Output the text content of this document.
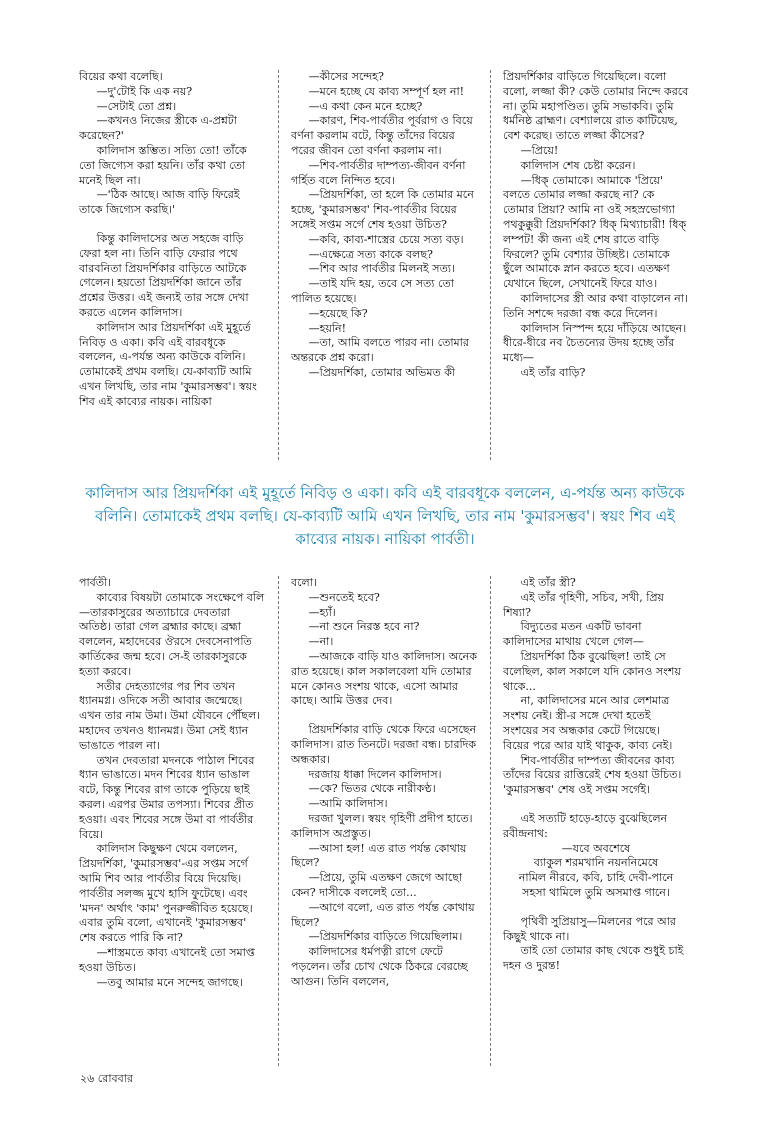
বিয়ের কথা বলেছি।

—দু'টোই কি এক নয়?

—সেটাই তো প্রশ্ন।

—কখনও নিজের স্ত্রীকে এ-প্রশ্নটা করেছেন?'

কালিদাস স্তম্ভিত। সত্যি তো! তাঁকে তো জিগ্যেস করা হয়নি। তাঁর কথা তো মনেই ছিল না।

—'ঠিক আছে। আজ বাড়ি ফিরেই তাকে জিগ্যেস করছি।'

কিন্তু কালিদাসের অত সহজে বাড়ি ফেরা হল না। তিনি বাড়ি ফেরার পথে বারবনিতা প্রিয়দর্শিকার বাড়িতে আটকে গেলেন। হয়তো প্রিয়দর্শিকা জানে তাঁর প্রশ্নের উত্তর। এই জন্যই তার সঙ্গে দেখা করতে এলেন কালিদাস।

কালিদাস আর প্রিয়দর্শিকা এই মুহূর্তে নিবিড় ও একা। কবি এই বারবধূকে বললেন, এ-পর্যন্ত অন্য কাউকে বলিনি। তোমাকেই প্রথম বলছি। যে-কাব্যটি আমি এখন লিখছি, তার নাম 'কুমারসম্ভব'। স্বয়ং শিব এই কাব্যের নায়ক। নায়িকা

—কীসের সন্দেহ?

—মনে হচ্ছে যে কাব্য সম্পূর্ণ হল না!

—এ কথা কেন মনে হচ্ছে?

—কারণ, শিব-পার্বতীর পূর্বরাগ ও বিয়ে বর্ণনা করলাম বটে, কিন্তু তাঁদের বিয়ের পরের জীবন তো বর্ণনা করলাম না।

—শিব-পার্বতীর দাম্পত্য-জীবন বর্ণনা গর্হিত বলে নিন্দিত হবে।

—প্রিয়দর্শিকা, তা হলে কি তোমার মনে হচ্ছে, 'কুমারসম্ভব' শিব-পার্বতীর বিয়ের সঙ্গেই সপ্তম সর্গে শেষ হওয়া উচিত?

—কবি, কাব্য-শাস্ত্রের চেয়ে সত্য বড়।

—এক্ষেত্রে সত্য কাকে বলছ?

—শিব আর পার্বতীর মিলনই সত্য।

—তাই যদি হয়, তবে সে সত্য তো পালিত হয়েছে।

—হয়েছে কি?

—হয়নি!

—তা, আমি বলতে পারব না। তোমার অন্তরকে প্রশ্ন করো।

—প্রিয়দর্শিকা, তোমার অভিমত কী

প্রিয়দর্শিকার বাড়িতে গিয়েছিলে। বলো বলো, লজ্জা কী? কেউ তোমার নিন্দে করবে না। তুমি মহাপণ্ডিত। তুমি সভাকবি। তুমি ধর্মনিষ্ঠ ব্রাহ্মণ। বেশ্যালয়ে রাত কাটিয়েছ, বেশ করেছ। তাতে লজ্জা কীসের?

—প্রিয়ে!

কালিদাস শেষ চেষ্টা করেন।

—ধিক্‌ তোমাকে। আমাকে 'প্রিয়ে' বলতে তোমার লজ্জা করছে না? কে তোমার প্রিয়া? আমি না ওই সহস্রভোগ্যা পথকুক্কুরী প্রিয়দর্শিকা? ধিক্‌ মিথ্যাচারী! ধিক্‌ লম্পট! কী জন্য এই শেষ রাতে বাড়ি ফিরলে? তুমি বেশ্যার উচ্ছিষ্ট। তোমাকে ছুঁলে আমাকে স্নান করতে হবে। এতক্ষণ যেখানে ছিলে, সেখানেই ফিরে যাও।

কালিদাসের স্ত্রী আর কথা বাড়ালেন না। তিনি সশব্দে দরজা বন্ধ করে দিলেন।

কালিদাস নিস্পন্দ হয়ে দাঁড়িয়ে আছেন। ধীরে-ধীরে নব চৈতন্যের উদয় হচ্ছে তাঁর মধ্যে—

এই তাঁর বাড়ি?

কালিদাস আর প্রিয়দর্শিকা এই মুহূর্তে নিবিড় ও একা। কবি এই বারবধূকে বললেন, এ-পর্যন্ত অন্য কাউকে বলিনি। তোমাকেই প্রথম বলছি। যে-কাব্যটি আমি এখন লিখছি, তার নাম 'কুমারসম্ভব'। স্বয়ং শিব এই কাব্যের নায়ক। নায়িকা পার্বতী।

পার্বতী।

কাব্যের বিষয়টা তোমাকে সংক্ষেপে বলি—তারকাসুরের অত্যাচারে দেবতারা অতিষ্ঠ। তারা গেল ব্রহ্মার কাছে। ব্রহ্মা বললেন, মহাদেবের ঔরসে দেবসেনাপতি কার্তিকের জন্ম হবে। সে-ই তারকাসুরকে হত্যা করবে।

সতীর দেহত্যাগের পর শিব তখন ধ্যানমগ্ন। ওদিকে সতী আবার জন্মেছে। এখন তার নাম উমা। উমা যৌবনে পৌঁছল। মহাদেব তখনও ধ্যানমগ্ন। উমা সেই ধ্যান ভাঙাতে পারল না।

তখন দেবতারা মদনকে পাঠাল শিবের ধ্যান ভাঙাতে। মদন শিবের ধ্যান ভাঙাল বটে, কিন্তু শিবের রাগ তাকে পুড়িয়ে ছাই করল। এরপর উমার তপস্যা। শিবের প্রীত হওয়া। এবং শিবের সঙ্গে উমা বা পার্বতীর বিয়ে।

কালিদাস কিছুক্ষণ থেমে বললেন, প্রিয়দর্শিকা, 'কুমারসম্ভব'-এর সপ্তম সর্গে আমি শিব আর পার্বতীর বিয়ে দিয়েছি। পার্বতীর সলজ্জ মুখে হাসি ফুটেছে। এবং 'মদন' অর্থাৎ 'কাম' পুনরুজ্জীবিত হয়েছে। এবার তুমি বলো, এখানেই 'কুমারসম্ভব' শেষ করতে পারি কি না?

—শাস্ত্রমতে কাব্য এখানেই তো সমাপ্ত হওয়া উচিত।

—তবু আমার মনে সন্দেহ জাগছে।

বলো।

—শুনতেই হবে?

—হ্যাঁ।

—না শুনে নিরস্ত হবে না?

—না।

—আজকে বাড়ি যাও কালিদাস। অনেক রাত হয়েছে। কাল সকালবেলা যদি তোমার মনে কোনও সংশয় থাকে, এসো আমার কাছে। আমি উত্তর দেব।

প্রিয়দর্শিকার বাড়ি থেকে ফিরে এসেছেন কালিদাস। রাত তিনটে। দরজা বন্ধ। চারদিক অন্ধকার।

দরজায় ধাক্কা দিলেন কালিদাস।

—কে? ভিতর থেকে নারীকণ্ঠ।

—আমি কালিদাস।

দরজা খুলল। স্বয়ং গৃহিণী প্রদীপ হাতে। কালিদাস অপ্রস্তুত।

—আসা হল! এত রাত পর্যন্ত কোথায় ছিলে?

—প্রিয়ে, তুমি এতক্ষণ জেগে আছো কেন? দাসীকে বললেই তো...

—আগে বলো, এত রাত পর্যন্ত কোথায় ছিলে?

—প্রিয়দর্শিকার বাড়িতে গিয়েছিলাম।

কালিদাসের ধর্মপত্নী রাগে ফেটে পড়লেন। তাঁর চোখ থেকে ঠিকরে বেরচ্ছে আগুন। তিনি বললেন,

এই তাঁর স্ত্রী?

এই তাঁর গৃহিণী, সচিব, সখী, প্রিয় শিষ্যা?

বিদ্যুতের মতন একটি ভাবনা কালিদাসের মাথায় খেলে গেল—

প্রিয়দর্শিকা ঠিক বুঝেছিল! তাই সে বলেছিল, কাল সকালে যদি কোনও সংশয় থাকে...

না, কালিদাসের মনে আর লেশমাত্র সংশয় নেই। স্ত্রী-র সঙ্গে দেখা হতেই সংশয়ের সব অন্ধকার কেটে গিয়েছে। বিয়ের পরে আর যাই থাকুক, কাব্য নেই।

শিব-পার্বতীর দাম্পত্য জীবনের কাব্য তাঁদের বিয়ের রাত্তিরেই শেষ হওয়া উচিত। 'কুমারসম্ভব' শেষ ওই সপ্তম সর্গেই।

এই সত্যটি হাড়ে-হাড়ে বুঝেছিলেন রবীন্দ্রনাথ:

—যবে অবশেষে

ব্যাকুল শরমখানি নয়ননিমেষে

নামিল নীরবে, কবি, চাহি দেবী-পানে

সহসা থামিলে তুমি অসমাপ্ত গানে।

পৃথিবী সুপ্রিয়াসু—মিলনের পরে আর কিছুই থাকে না।

তাই তো তোমার কাছ থেকে শুধুই চাই দহন ও দুরন্ত!

২৬ রোববার
